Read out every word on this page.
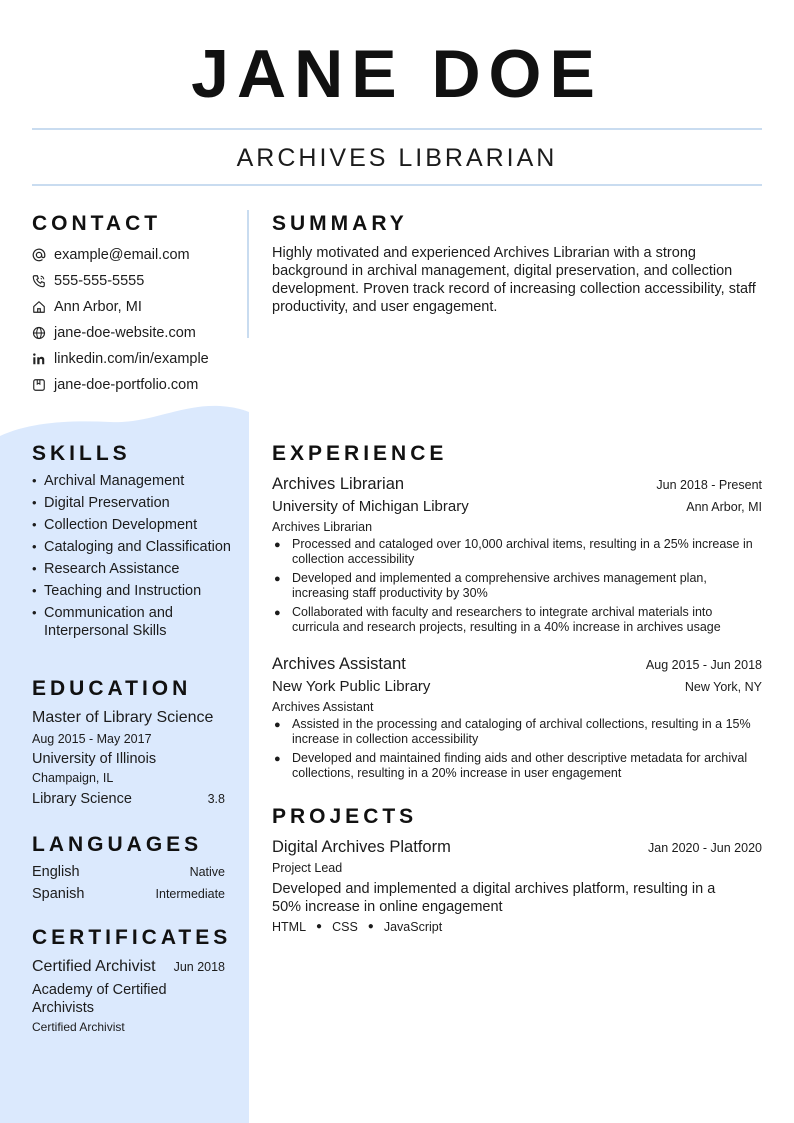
JANE DOE
ARCHIVES LIBRARIAN
CONTACT
example@email.com
555-555-5555
Ann Arbor, MI
jane-doe-website.com
linkedin.com/in/example
jane-doe-portfolio.com
SKILLS
• Archival Management
• Digital Preservation
• Collection Development
• Cataloging and Classification
• Research Assistance
• Teaching and Instruction
• Communication and Interpersonal Skills
EDUCATION
Master of Library Science
Aug 2015 - May 2017
University of Illinois
Champaign, IL
Library Science	3.8
LANGUAGES
English	Native
Spanish	Intermediate
CERTIFICATES
Certified Archivist Jun 2018
Academy of Certified Archivists
Certified Archivist
SUMMARY
Highly motivated and experienced Archives Librarian with a strong background in archival management, digital preservation, and collection development. Proven track record of increasing collection accessibility, staff productivity, and user engagement.
EXPERIENCE
Archives Librarian	Jun 2018 - Present
University of Michigan Library	Ann Arbor, MI
Archives Librarian
● Processed and cataloged over 10,000 archival items, resulting in a 25% increase in collection accessibility
● Developed and implemented a comprehensive archives management plan, increasing staff productivity by 30%
● Collaborated with faculty and researchers to integrate archival materials into curricula and research projects, resulting in a 40% increase in archives usage
Archives Assistant	Aug 2015 - Jun 2018
New York Public Library	New York, NY
Archives Assistant
● Assisted in the processing and cataloging of archival collections, resulting in a 15% increase in collection accessibility
● Developed and maintained finding aids and other descriptive metadata for archival collections, resulting in a 20% increase in user engagement
PROJECTS
Digital Archives Platform	Jan 2020 - Jun 2020
Project Lead
Developed and implemented a digital archives platform, resulting in a 50% increase in online engagement
HTML ● CSS ● JavaScript
